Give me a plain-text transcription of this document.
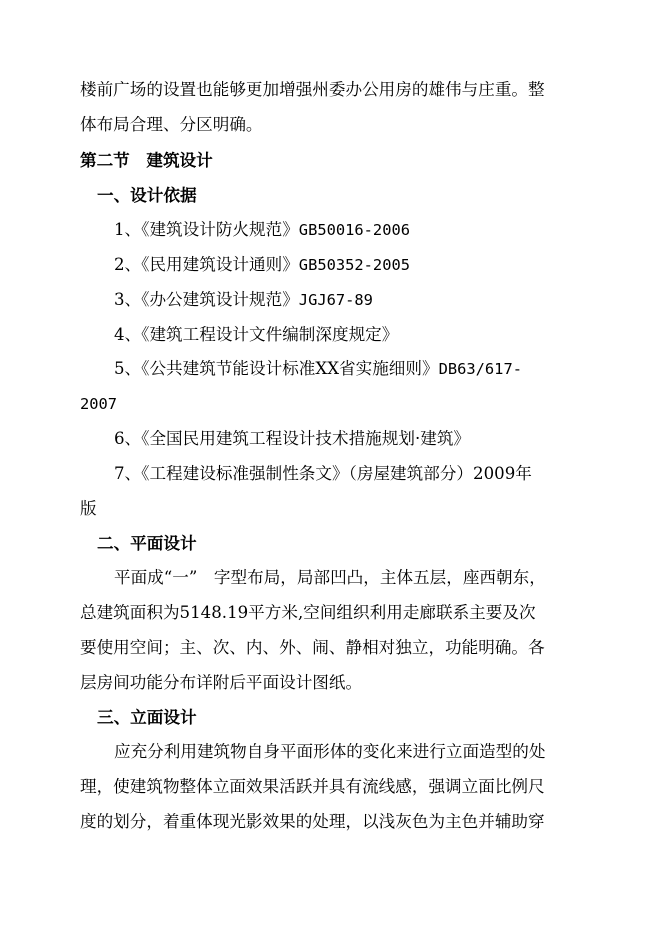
楼前广场的设置也能够更加增强州委办公用房的雄伟与庄重。整
体布局合理、分区明确。
第二节　建筑设计
一、设计依据
1、《建筑设计防火规范》GB50016-2006
2、《民用建筑设计通则》GB50352-2005
3、《办公建筑设计规范》JGJ67-89
4、《建筑工程设计文件编制深度规定》
5、《公共建筑节能设计标准XX省实施细则》DB63/617-
2007
6、《全国民用建筑工程设计技术措施规划·建筑》
7、《工程建设标准强制性条文》（房屋建筑部分）2009年
版
二、平面设计
平面成“一”　字型布局，局部凹凸，主体五层，座西朝东，
总建筑面积为5148.19平方米,空间组织利用走廊联系主要及次
要使用空间；主、次、内、外、闹、静相对独立，功能明确。各
层房间功能分布详附后平面设计图纸。
三、立面设计
应充分利用建筑物自身平面形体的变化来进行立面造型的处
理，使建筑物整体立面效果活跃并具有流线感，强调立面比例尺
度的划分，着重体现光影效果的处理，以浅灰色为主色并辅助穿
